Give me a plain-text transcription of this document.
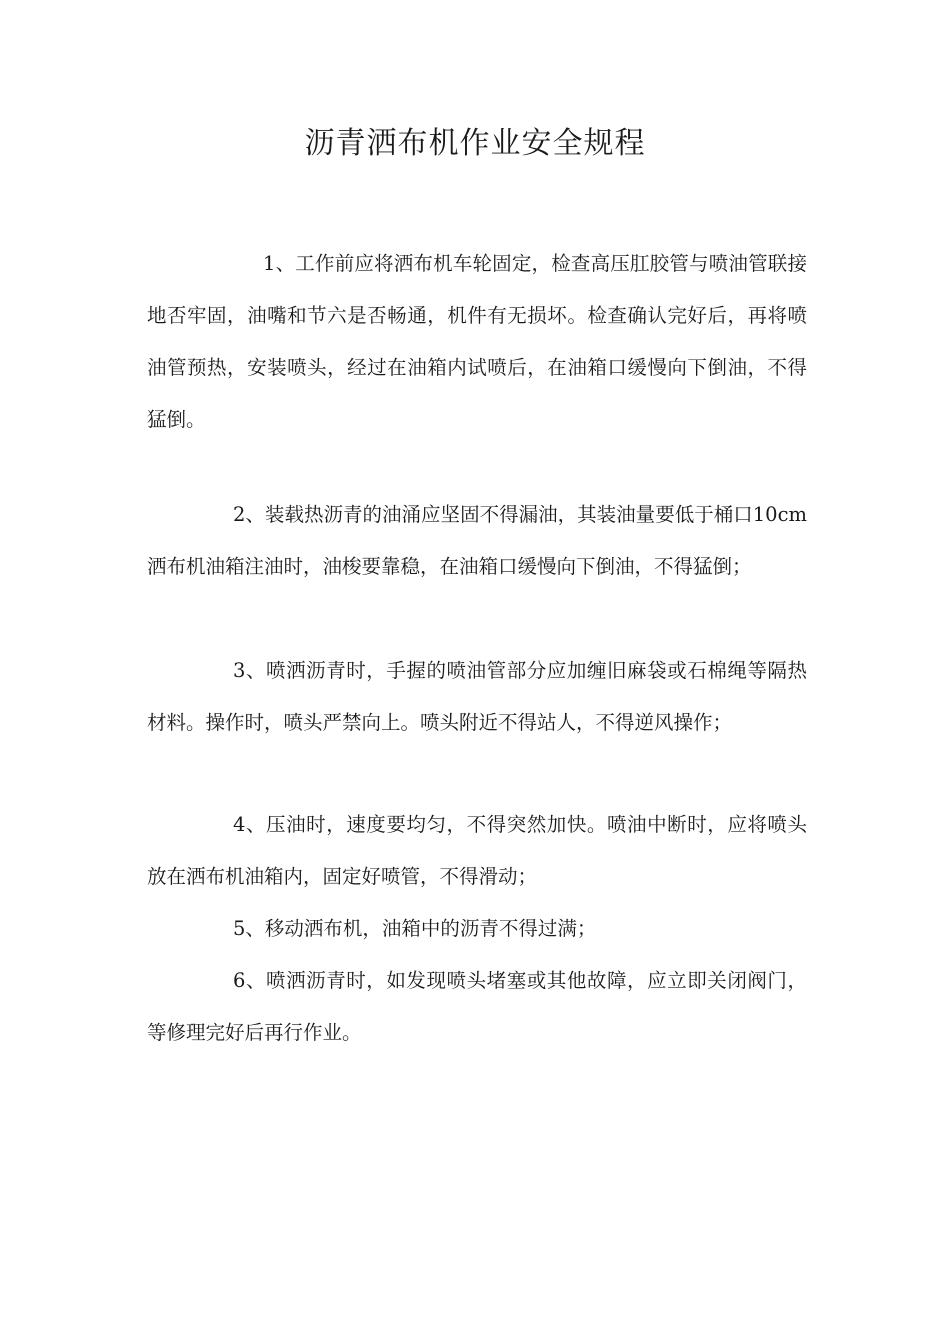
沥青洒布机作业安全规程

1、工作前应将洒布机车轮固定，检查高压肛胶管与喷油管联接地否牢固，油嘴和节六是否畅通，机件有无损坏。检查确认完好后，再将喷油管预热，安装喷头，经过在油箱内试喷后，在油箱口缓慢向下倒油，不得猛倒。

2、装载热沥青的油涌应坚固不得漏油，其装油量要低于桶口10cm洒布机油箱注油时，油梭要靠稳，在油箱口缓慢向下倒油，不得猛倒；

3、喷洒沥青时，手握的喷油管部分应加缠旧麻袋或石棉绳等隔热材料。操作时，喷头严禁向上。喷头附近不得站人，不得逆风操作；

4、压油时，速度要均匀，不得突然加快。喷油中断时，应将喷头放在洒布机油箱内，固定好喷管，不得滑动；

5、移动洒布机，油箱中的沥青不得过满；

6、喷洒沥青时，如发现喷头堵塞或其他故障，应立即关闭阀门，等修理完好后再行作业。
